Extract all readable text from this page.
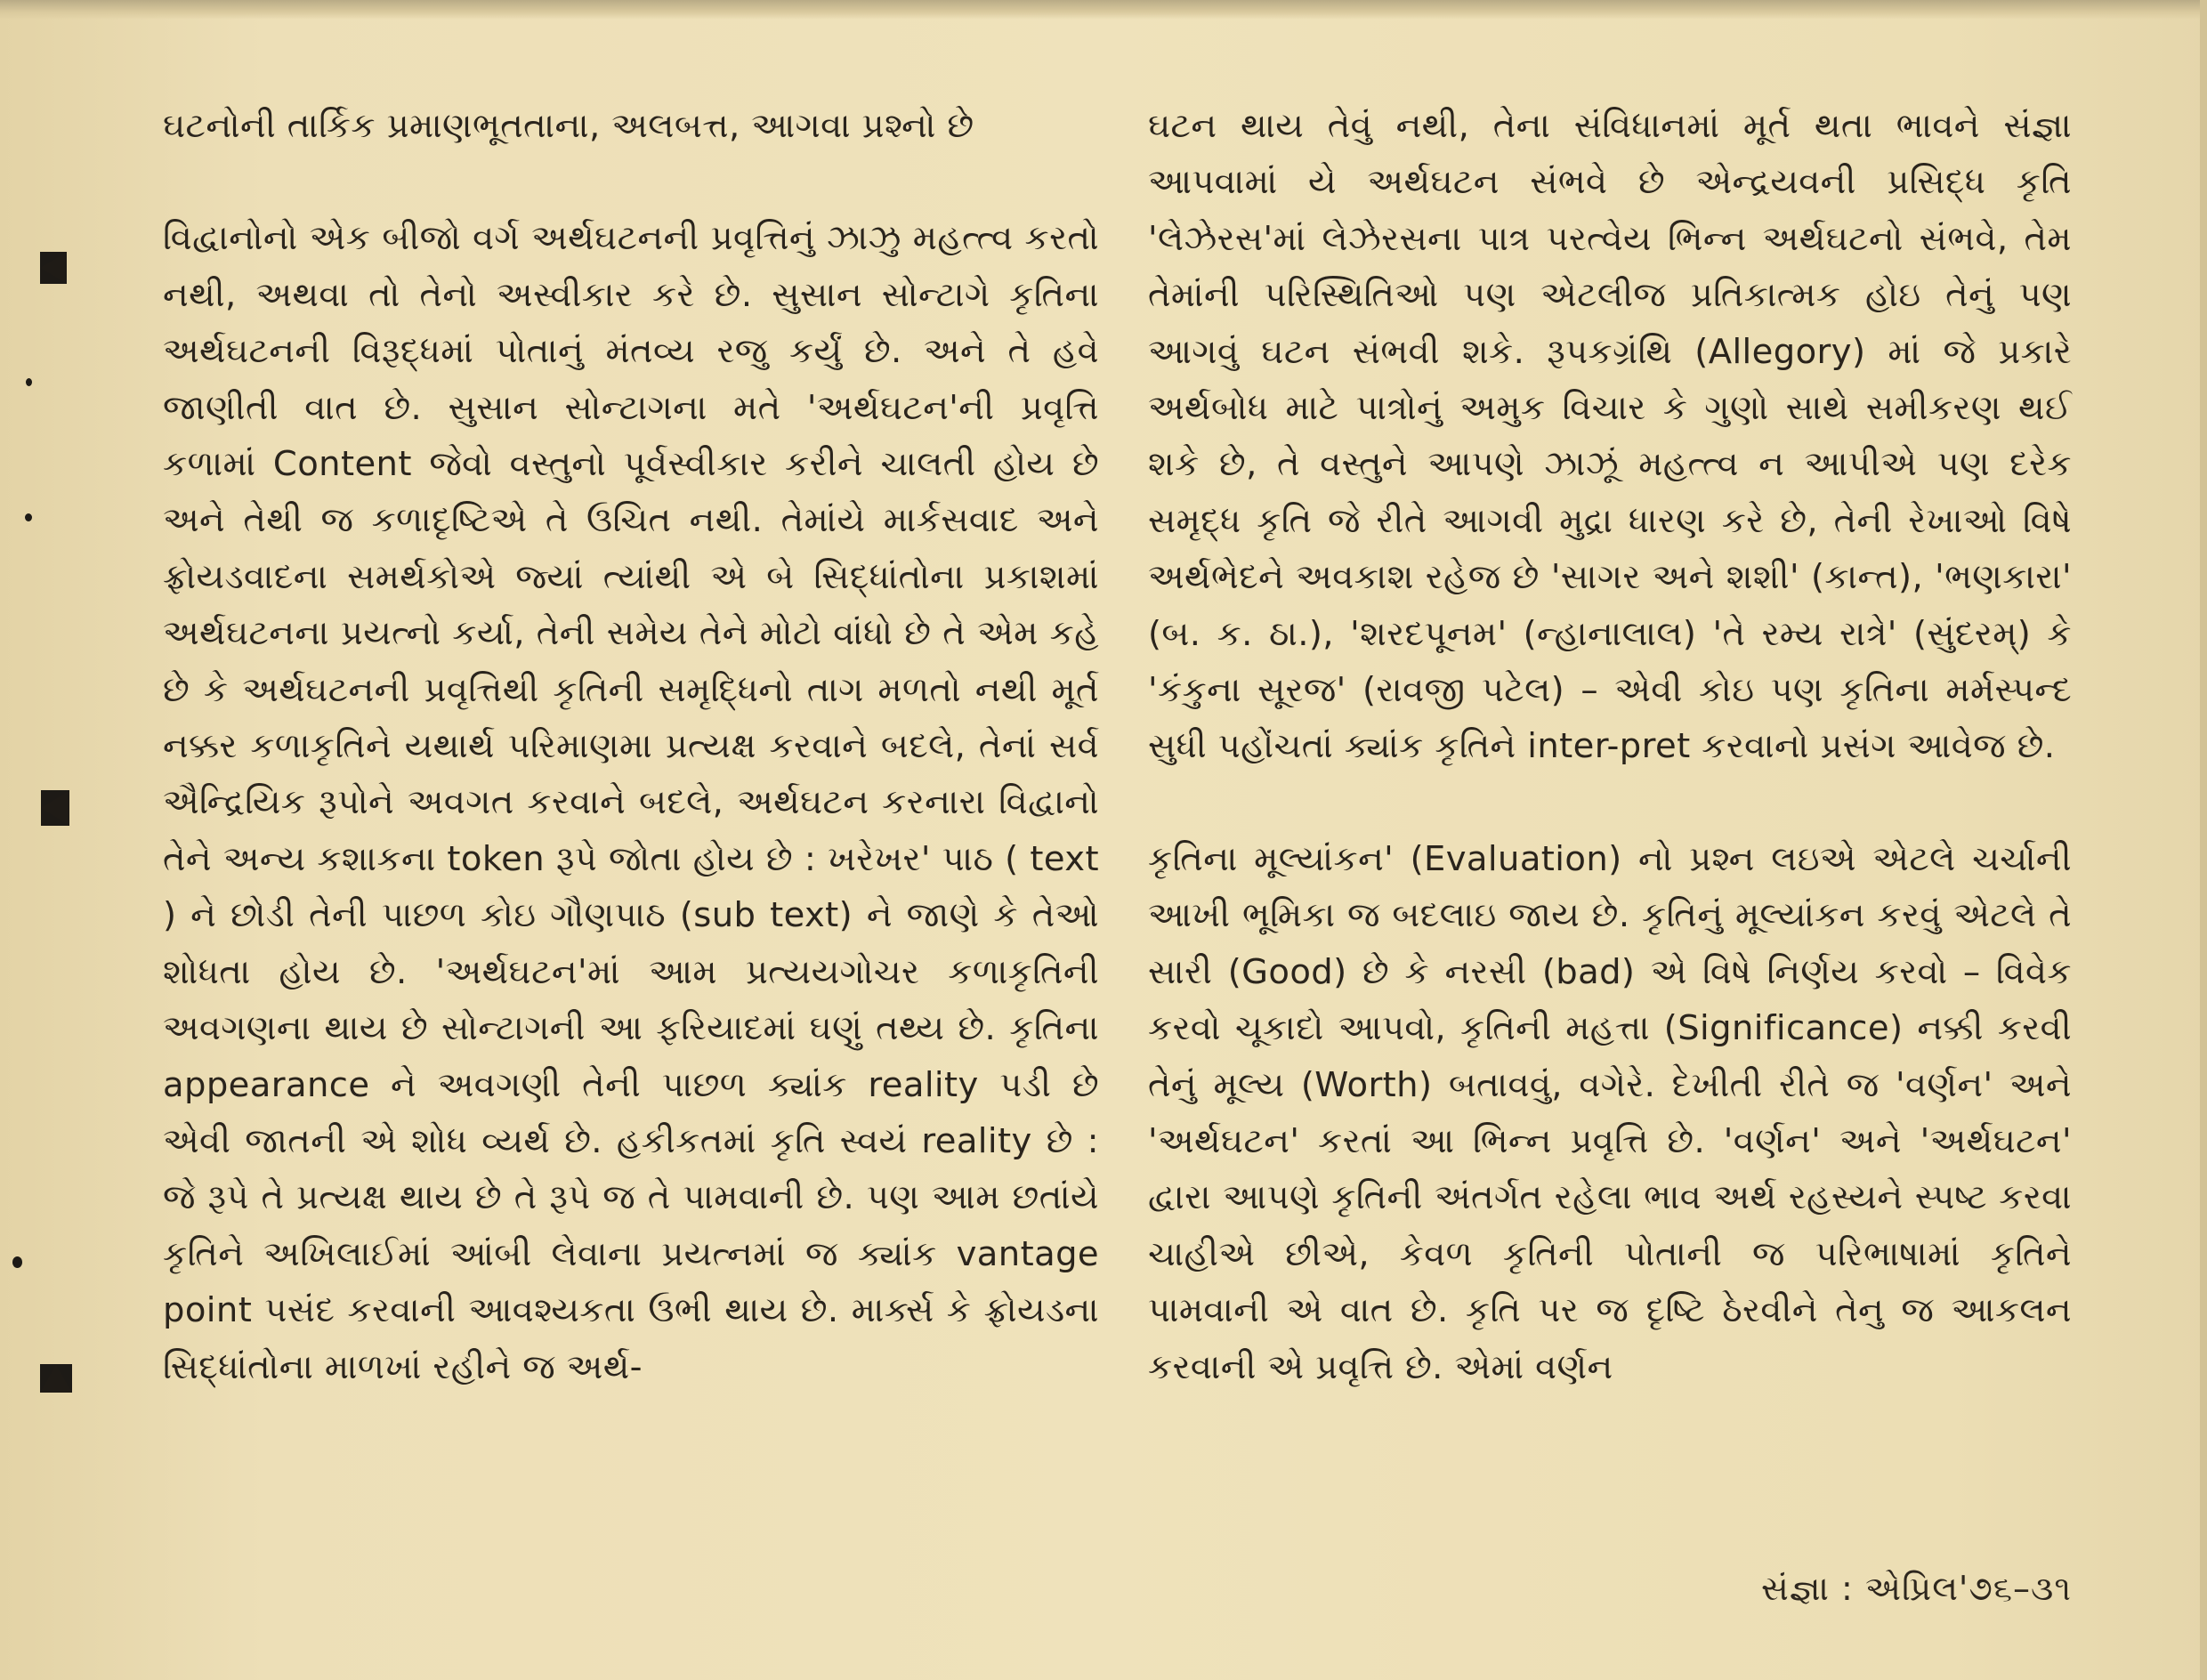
ઘટનોની તાર્કિક પ્રમાણભૂતતાના, અલબત્ત, આગવા પ્રશ્નો છે

વિદ્વાનોનો એક બીજો વર્ગ અર્થઘટનની પ્રવૃત્તિનું ઝાઝુ મહત્ત્વ કરતો નથી, અથવા તો તેનો અસ્વીકાર કરે છે. સુસાન સોન્ટાગે કૃતિના અર્થઘટનની વિરૂદ્ધમાં પોતાનું મંતવ્ય રજુ કર્યું છે. અને તે હવે જાણીતી વાત છે. સુસાન સોન્ટાગના મતે 'અર્થઘટન'ની પ્રવૃત્તિ કળામાં Content જેવો વસ્તુનો પૂર્વસ્વીકાર કરીને ચાલતી હોય છે અને તેથી જ કળાદૃષ્ટિએ તે ઉચિત નથી. તેમાંયે માર્કસવાદ અને ફ્રોયડવાદના સમર્થકોએ જ્યાં ત્યાંથી એ બે સિદ્ધાંતોના પ્રકાશમાં અર્થઘટનના પ્રયત્નો કર્યા, તેની સમેય તેને મોટો વાંધો છે તે એમ કહે છે કે અર્થઘટનની પ્રવૃત્તિથી કૃતિની સમૃદ્ધિનો તાગ મળતો નથી મૂર્ત નક્કર કળાકૃતિને યથાર્થ પરિમાણમા પ્રત્યક્ષ કરવાને બદલે, તેનાં સર્વ ઐન્દ્રિયિક રૂપોને અવગત કરવાને બદલે, અર્થઘટન કરનારા વિદ્વાનો તેને અન્ય કશાકના token રૂપે જોતા હોય છે : ખરેખર' પાઠ ( text ) ને છોડી તેની પાછળ કોઇ ગૌણપાઠ (sub text) ને જાણે કે તેઓ શોધતા હોય છે. 'અર્થઘટન'માં આમ પ્રત્યયગોચર કળાકૃતિની અવગણના થાય છે સોન્ટાગની આ ફરિયાદમાં ઘણું તથ્ય છે. કૃતિના appearance ને અવગણી તેની પાછળ ક્યાંક reality પડી છે એવી જાતની એ શોધ વ્યર્થ છે. હકીકતમાં કૃતિ સ્વયં reality છે : જે રૂપે તે પ્રત્યક્ષ થાય છે તે રૂપે જ તે પામવાની છે. પણ આમ છતાંયે કૃતિને અખિલાઈમાં આંબી લેવાના પ્રયત્નમાં જ ક્યાંક vantage point પસંદ કરવાની આવશ્યકતા ઉભી થાય છે. માર્ક્સ કે ફ્રોયડના સિદ્ધાંતોના માળખાં રહીને જ અર્થ-

ઘટન થાય તેવું નથી, તેના સંવિધાનમાં મૂર્ત થતા ભાવને સંજ્ઞા આપવામાં યે અર્થઘટન સંભવે છે એન્દ્રયવની પ્રસિદ્ધ કૃતિ 'લેઝેરસ'માં લેઝેરસના પાત્ર પરત્વેય ભિન્ન અર્થઘટનો સંભવે, તેમ તેમાંની પરિસ્થિતિઓ પણ એટલીજ પ્રતિકાત્મક હોઇ તેનું પણ આગવું ઘટન સંભવી શકે. રૂપકગ્રંથિ (Allegory) માં જે પ્રકારે અર્થબોધ માટે પાત્રોનું અમુક વિચાર કે ગુણો સાથે સમીકરણ થઈ શકે છે, તે વસ્તુને આપણે ઝાઝૂં મહત્ત્વ ન આપીએ પણ દરેક સમૃદ્ધ કૃતિ જે રીતે આગવી મુદ્રા ધારણ કરે છે, તેની રેખાઓ વિષે અર્થભેદને અવકાશ રહેજ છે 'સાગર અને શશી' (કાન્ત), 'ભણકારા' (બ. ક. ઠા.), 'શરદપૂનમ' (ન્હાનાલાલ) 'તે રમ્ય રાત્રે' (સુંદરમ્) કે 'કંકુના સૂરજ' (રાવજી પટેલ) – એવી કોઇ પણ કૃતિના મર્મસ્પન્દ સુધી પહોંચતાં ક્યાંક કૃતિને inter-pret કરવાનો પ્રસંગ આવેજ છે.

કૃતિના મૂલ્યાંકન' (Evaluation) નો પ્રશ્ન લઇએ એટલે ચર્ચાની આખી ભૂમિકા જ બદલાઇ જાય છે. કૃતિનું મૂલ્યાંકન કરવું એટલે તે સારી (Good) છે કે નરસી (bad) એ વિષે નિર્ણય કરવો – વિવેક કરવો ચૂકાદો આપવો, કૃતિની મહત્તા (Significance) નક્કી કરવી તેનું મૂલ્ય (Worth) બતાવવું, વગેરે. દેખીતી રીતે જ 'વર્ણન' અને 'અર્થઘટન' કરતાં આ ભિન્ન પ્રવૃત્તિ છે. 'વર્ણન' અને 'અર્થઘટન' દ્વારા આપણે કૃતિની અંતર્ગત રહેલા ભાવ અર્થ રહસ્યને સ્પષ્ટ કરવા ચાહીએ છીએ, કેવળ કૃતિની પોતાની જ પરિભાષામાં કૃતિને પામવાની એ વાત છે. કૃતિ પર જ દૃષ્ટિ ઠેરવીને તેનુ જ આકલન કરવાની એ પ્રવૃત્તિ છે. એમાં વર્ણન

સંજ્ઞા : એપ્રિલ'૭૬–૩૧
